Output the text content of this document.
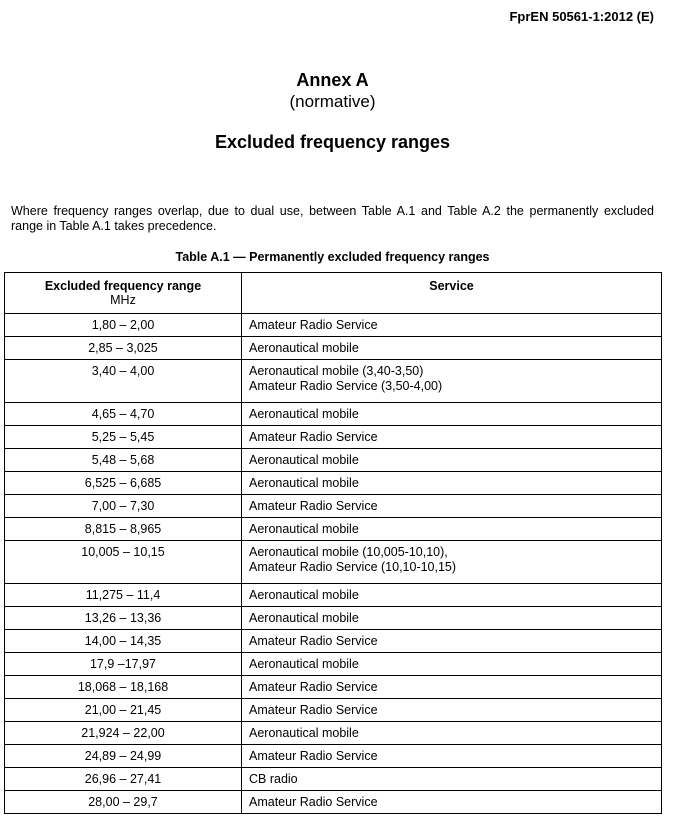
FprEN 50561-1:2012 (E)
Annex A
(normative)
Excluded frequency ranges
Where frequency ranges overlap, due to dual use, between Table A.1 and Table A.2 the permanently excluded range in Table A.1 takes precedence.
Table A.1 — Permanently excluded frequency ranges
Excluded frequency range
MHz	Service
1,80 – 2,00	Amateur Radio Service

2,85 – 3,025	Aeronautical mobile

3,40 – 4,00	Aeronautical mobile (3,40-3,50)
Amateur Radio Service (3,50-4,00)

4,65 – 4,70	Aeronautical mobile

5,25 – 5,45	Amateur Radio Service

5,48 – 5,68	Aeronautical mobile

6,525 – 6,685	Aeronautical mobile

7,00 – 7,30	Amateur Radio Service

8,815 – 8,965	Aeronautical mobile

10,005 – 10,15	Aeronautical mobile (10,005-10,10),
Amateur Radio Service (10,10-10,15)

11,275 – 11,4	Aeronautical mobile

13,26 – 13,36	Aeronautical mobile

14,00 – 14,35	Amateur Radio Service

17,9 –17,97	Aeronautical mobile

18,068 – 18,168	Amateur Radio Service

21,00 – 21,45	Amateur Radio Service

21,924 – 22,00	Aeronautical mobile

24,89 – 24,99	Amateur Radio Service

26,96 – 27,41	CB radio

28,00 – 29,7	Amateur Radio Service
